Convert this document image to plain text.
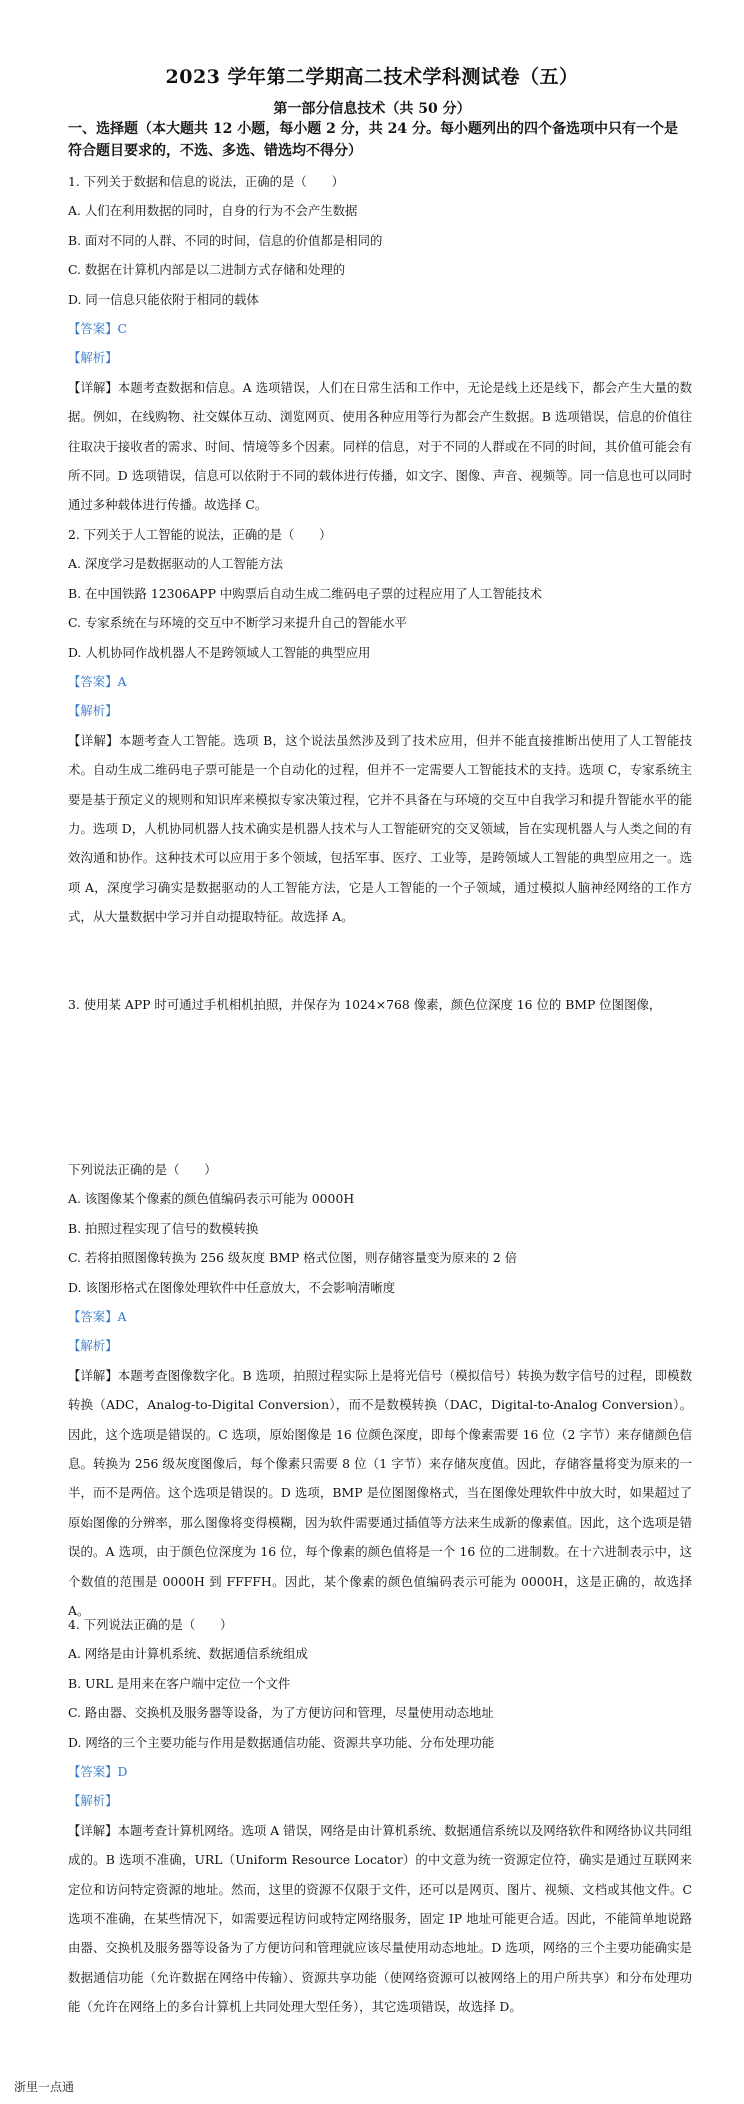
2023 学年第二学期高二技术学科测试卷（五）
第一部分信息技术（共 50 分）
一、选择题（本大题共 12 小题，每小题 2 分，共 24 分。每小题列出的四个备选项中只有一个是符合题目要求的，不选、多选、错选均不得分）

1. 下列关于数据和信息的说法，正确的是（　　）

A. 人们在利用数据的同时，自身的行为不会产生数据

B. 面对不同的人群、不同的时间，信息的价值都是相同的

C. 数据在计算机内部是以二进制方式存储和处理的

D. 同一信息只能依附于相同的载体

【答案】C

【解析】

【详解】本题考查数据和信息。A 选项错误，人们在日常生活和工作中，无论是线上还是线下，都会产生大量的数据。例如，在线购物、社交媒体互动、浏览网页、使用各种应用等行为都会产生数据。B 选项错误，信息的价值往往取决于接收者的需求、时间、情境等多个因素。同样的信息，对于不同的人群或在不同的时间，其价值可能会有所不同。D 选项错误，信息可以依附于不同的载体进行传播，如文字、图像、声音、视频等。同一信息也可以同时通过多种载体进行传播。故选择 C。

2. 下列关于人工智能的说法，正确的是（　　）

A. 深度学习是数据驱动的人工智能方法

B. 在中国铁路 12306APP 中购票后自动生成二维码电子票的过程应用了人工智能技术

C. 专家系统在与环境的交互中不断学习来提升自己的智能水平

D. 人机协同作战机器人不是跨领域人工智能的典型应用

【答案】A

【解析】

【详解】本题考查人工智能。选项 B，这个说法虽然涉及到了技术应用，但并不能直接推断出使用了人工智能技术。自动生成二维码电子票可能是一个自动化的过程，但并不一定需要人工智能技术的支持。选项 C，专家系统主要是基于预定义的规则和知识库来模拟专家决策过程，它并不具备在与环境的交互中自我学习和提升智能水平的能力。选项 D，人机协同机器人技术确实是机器人技术与人工智能研究的交叉领域，旨在实现机器人与人类之间的有效沟通和协作。这种技术可以应用于多个领域，包括军事、医疗、工业等，是跨领域人工智能的典型应用之一。选项 A，深度学习确实是数据驱动的人工智能方法，它是人工智能的一个子领域，通过模拟人脑神经网络的工作方式，从大量数据中学习并自动提取特征。故选择 A。

3. 使用某 APP 时可通过手机相机拍照，并保存为 1024×768 像素，颜色位深度 16 位的 BMP 位图图像，

下列说法正确的是（　　）

A. 该图像某个像素的颜色值编码表示可能为 0000H

B. 拍照过程实现了信号的数模转换

C. 若将拍照图像转换为 256 级灰度 BMP 格式位图，则存储容量变为原来的 2 倍

D. 该图形格式在图像处理软件中任意放大，不会影响清晰度

【答案】A

【解析】

【详解】本题考查图像数字化。B 选项，拍照过程实际上是将光信号（模拟信号）转换为数字信号的过程，即模数转换（ADC，Analog-to-Digital Conversion），而不是数模转换（DAC，Digital-to-Analog Conversion）。因此，这个选项是错误的。C 选项，原始图像是 16 位颜色深度，即每个像素需要 16 位（2 字节）来存储颜色信息。转换为 256 级灰度图像后，每个像素只需要 8 位（1 字节）来存储灰度值。因此，存储容量将变为原来的一半，而不是两倍。这个选项是错误的。D 选项，BMP 是位图图像格式，当在图像处理软件中放大时，如果超过了原始图像的分辨率，那么图像将变得模糊，因为软件需要通过插值等方法来生成新的像素值。因此，这个选项是错误的。A 选项，由于颜色位深度为 16 位，每个像素的颜色值将是一个 16 位的二进制数。在十六进制表示中，这个数值的范围是 0000H 到 FFFFH。因此，某个像素的颜色值编码表示可能为 0000H，这是正确的，故选择 A。

4. 下列说法正确的是（　　）

A. 网络是由计算机系统、数据通信系统组成

B. URL 是用来在客户端中定位一个文件

C. 路由器、交换机及服务器等设备，为了方便访问和管理，尽量使用动态地址

D. 网络的三个主要功能与作用是数据通信功能、资源共享功能、分布处理功能

【答案】D

【解析】

【详解】本题考查计算机网络。选项 A 错误，网络是由计算机系统、数据通信系统以及网络软件和网络协议共同组成的。B 选项不准确，URL（Uniform Resource Locator）的中文意为统一资源定位符，确实是通过互联网来定位和访问特定资源的地址。然而，这里的资源不仅限于文件，还可以是网页、图片、视频、文档或其他文件。C 选项不准确，在某些情况下，如需要远程访问或特定网络服务，固定 IP 地址可能更合适。因此，不能简单地说路由器、交换机及服务器等设备为了方便访问和管理就应该尽量使用动态地址。D 选项，网络的三个主要功能确实是数据通信功能（允许数据在网络中传输）、资源共享功能（使网络资源可以被网络上的用户所共享）和分布处理功能（允许在网络上的多台计算机上共同处理大型任务），其它选项错误，故选择 D。

浙里一点通
